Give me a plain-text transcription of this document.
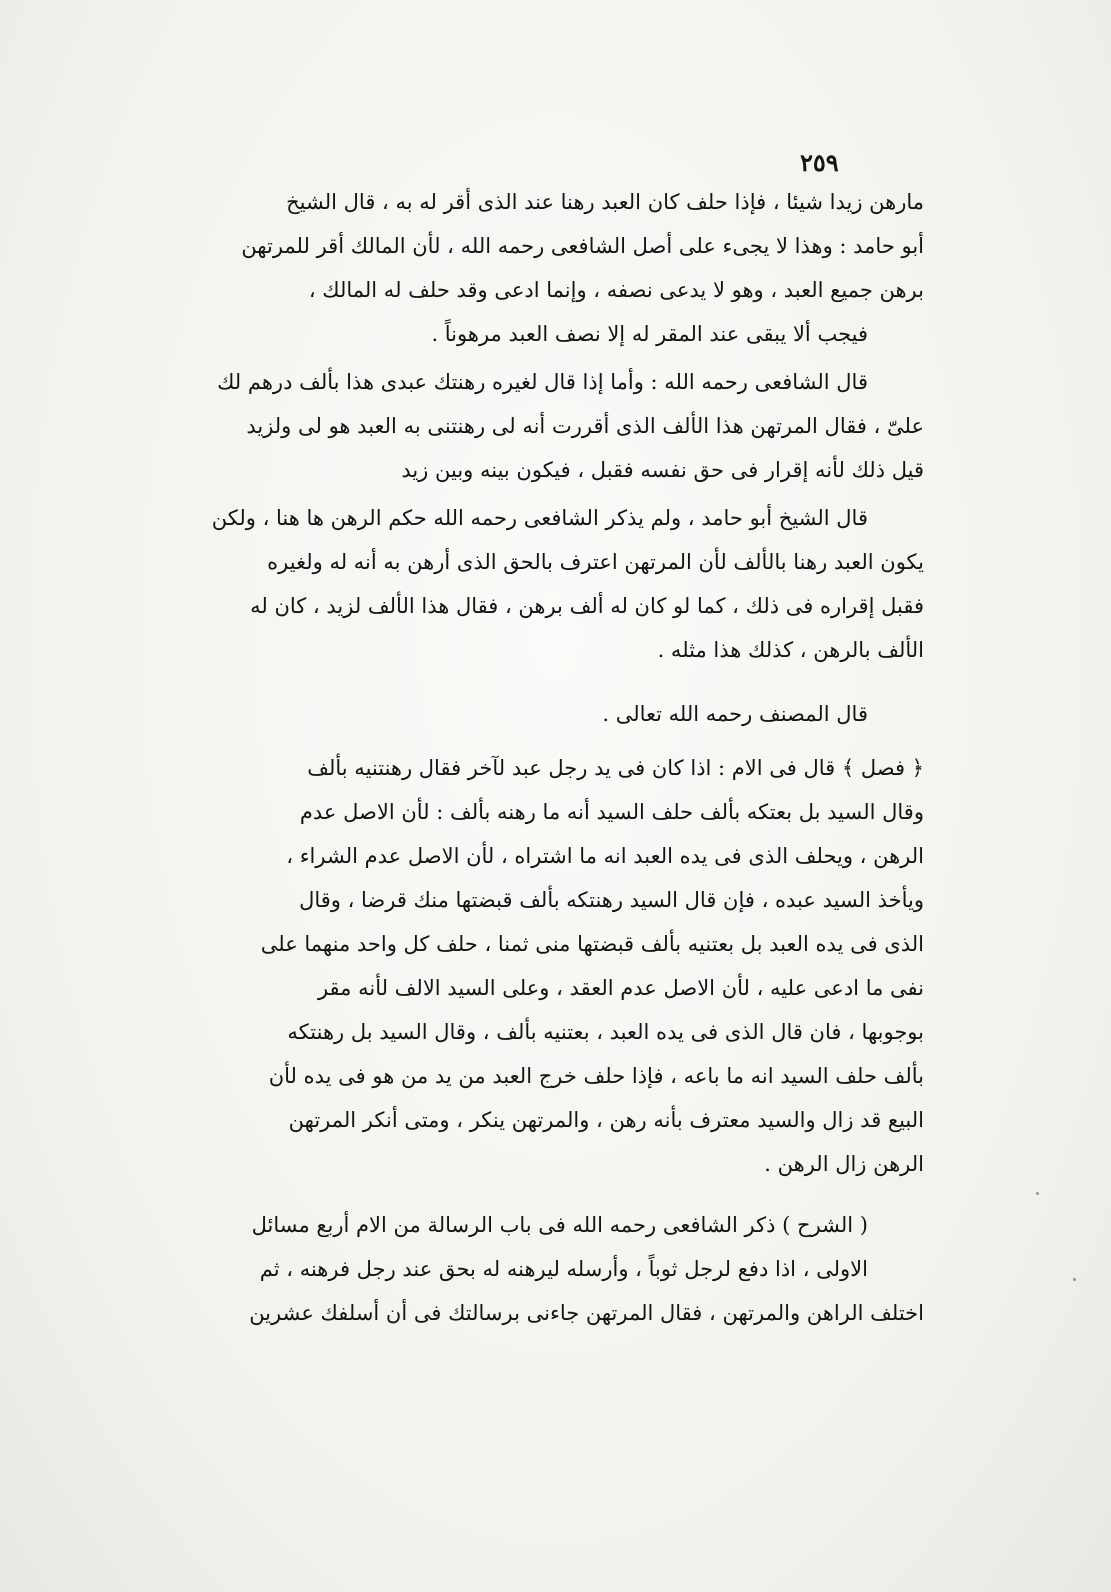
٢٥٩
مارهن زيدا شيئا ، فإذا حلف كان العبد رهنا عند الذى أقر له به ، قال الشيخ
أبو حامد : وهذا لا يجىء على أصل الشافعى رحمه الله ، لأن المالك أقر للمرتهن
برهن جميع العبد ، وهو لا يدعى نصفه ، وإنما ادعى وقد حلف له المالك ،
فيجب ألا يبقى عند المقر له إلا نصف العبد مرهوناً .
قال الشافعى رحمه الله : وأما إذا قال لغيره رهنتك عبدى هذا بألف درهم لك
علىّ ، فقال المرتهن هذا الألف الذى أقررت أنه لى رهنتنى به العبد هو لى ولزيد
قيل ذلك لأنه إقرار فى حق نفسه فقبل ، فيكون بينه وبين زيد
قال الشيخ أبو حامد ، ولم يذكر الشافعى رحمه الله حكم الرهن ها هنا ، ولكن
يكون العبد رهنا بالألف لأن المرتهن اعترف بالحق الذى أرهن به أنه له ولغيره
فقبل إقراره فى ذلك ، كما لو كان له ألف برهن ، فقال هذا الألف لزيد ، كان له
الألف بالرهن ، كذلك هذا مثله .
قال المصنف رحمه الله تعالى .
﴿ فصل ﴾ قال فى الام : اذا كان فى يد رجل عبد لآخر فقال رهنتنيه بألف
وقال السيد بل بعتكه بألف حلف السيد أنه ما رهنه بألف : لأن الاصل عدم
الرهن ، ويحلف الذى فى يده العبد انه ما اشتراه ، لأن الاصل عدم الشراء ،
ويأخذ السيد عبده ، فإن قال السيد رهنتكه بألف قبضتها منك قرضا ، وقال
الذى فى يده العبد بل بعتنيه بألف قبضتها منى ثمنا ، حلف كل واحد منهما على
نفى ما ادعى عليه ، لأن الاصل عدم العقد ، وعلى السيد الالف لأنه مقر
بوجوبها ، فان قال الذى فى يده العبد ، بعتنيه بألف ، وقال السيد بل رهنتكه
بألف حلف السيد انه ما باعه ، فإذا حلف خرج العبد من يد من هو فى يده لأن
البيع قد زال والسيد معترف بأنه رهن ، والمرتهن ينكر ، ومتى أنكر المرتهن
الرهن زال الرهن .
( الشرح ) ذكر الشافعى رحمه الله فى باب الرسالة من الام أربع مسائل
الاولى ، اذا دفع لرجل ثوباً ، وأرسله ليرهنه له بحق عند رجل فرهنه ، ثم
اختلف الراهن والمرتهن ، فقال المرتهن جاءنى برسالتك فى أن أسلفك عشرين
